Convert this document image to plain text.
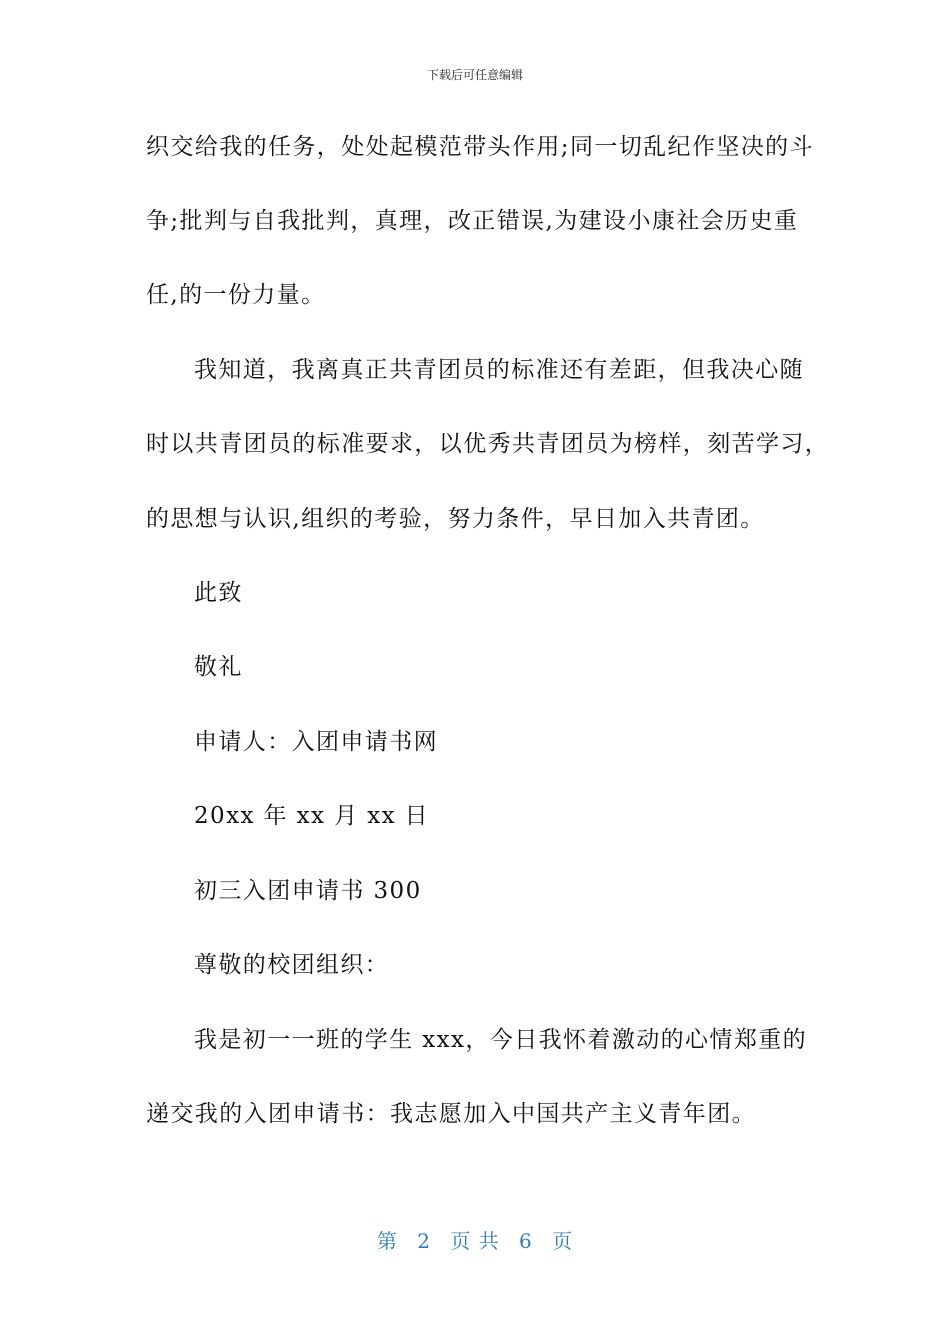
下载后可任意编辑
织交给我的任务，处处起模范带头作用;同一切乱纪作坚决的斗
争;批判与自我批判，真理，改正错误,为建设小康社会历史重
任,的一份力量。
我知道，我离真正共青团员的标准还有差距，但我决心随
时以共青团员的标准要求，以优秀共青团员为榜样，刻苦学习，
的思想与认识,组织的考验，努力条件，早日加入共青团。
此致
敬礼
申请人：入团申请书网
20xx 年 xx 月 xx 日
初三入团申请书 300
尊敬的校团组织：
我是初一一班的学生 xxx，今日我怀着激动的心情郑重的
递交我的入团申请书：我志愿加入中国共产主义青年团。
第 2 页 共 6 页
